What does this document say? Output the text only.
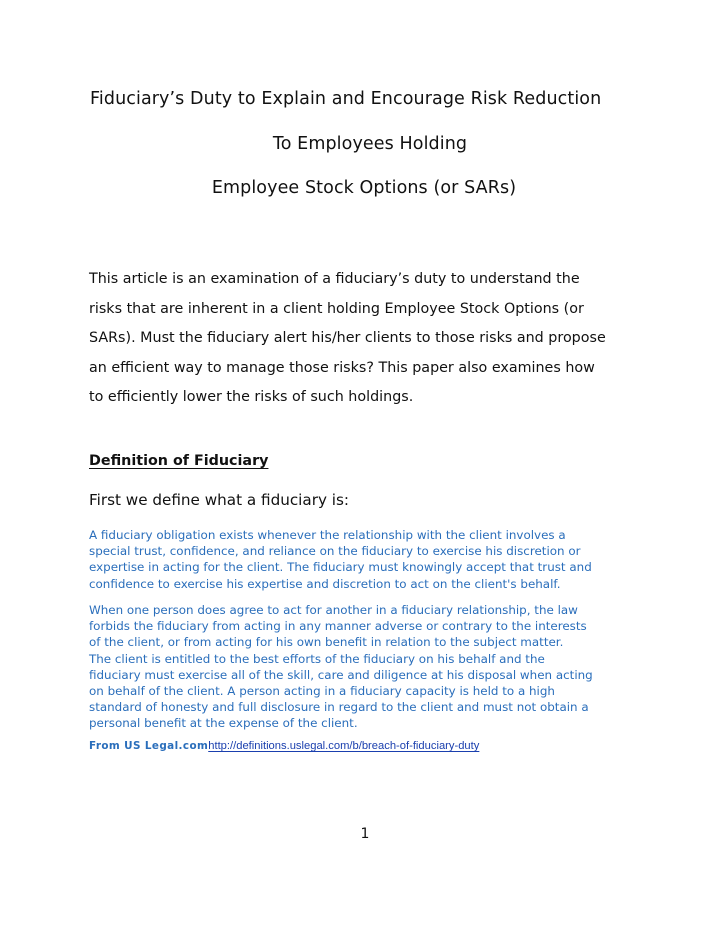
Fiduciary’s Duty to Explain and Encourage Risk Reduction
To Employees Holding
Employee Stock Options (or SARs)

This article is an examination of a fiduciary’s duty to understand the
risks that are inherent in a client holding Employee Stock Options (or
SARs). Must the fiduciary alert his/her clients to those risks and propose
an efficient way to manage those risks? This paper also examines how
to efficiently lower the risks of such holdings.

Definition of Fiduciary
First we define what a fiduciary is:

A fiduciary obligation exists whenever the relationship with the client involves a
special trust, confidence, and reliance on the fiduciary to exercise his discretion or
expertise in acting for the client. The fiduciary must knowingly accept that trust and
confidence to exercise his expertise and discretion to act on the client's behalf.

When one person does agree to act for another in a fiduciary relationship, the law
forbids the fiduciary from acting in any manner adverse or contrary to the interests
of the client, or from acting for his own benefit in relation to the subject matter.
The client is entitled to the best efforts of the fiduciary on his behalf and the
fiduciary must exercise all of the skill, care and diligence at his disposal when acting
on behalf of the client. A person acting in a fiduciary capacity is held to a high
standard of honesty and full disclosure in regard to the client and must not obtain a
personal benefit at the expense of the client.

From US Legal.comhttp://definitions.uslegal.com/b/breach-of-fiduciary-duty
1
